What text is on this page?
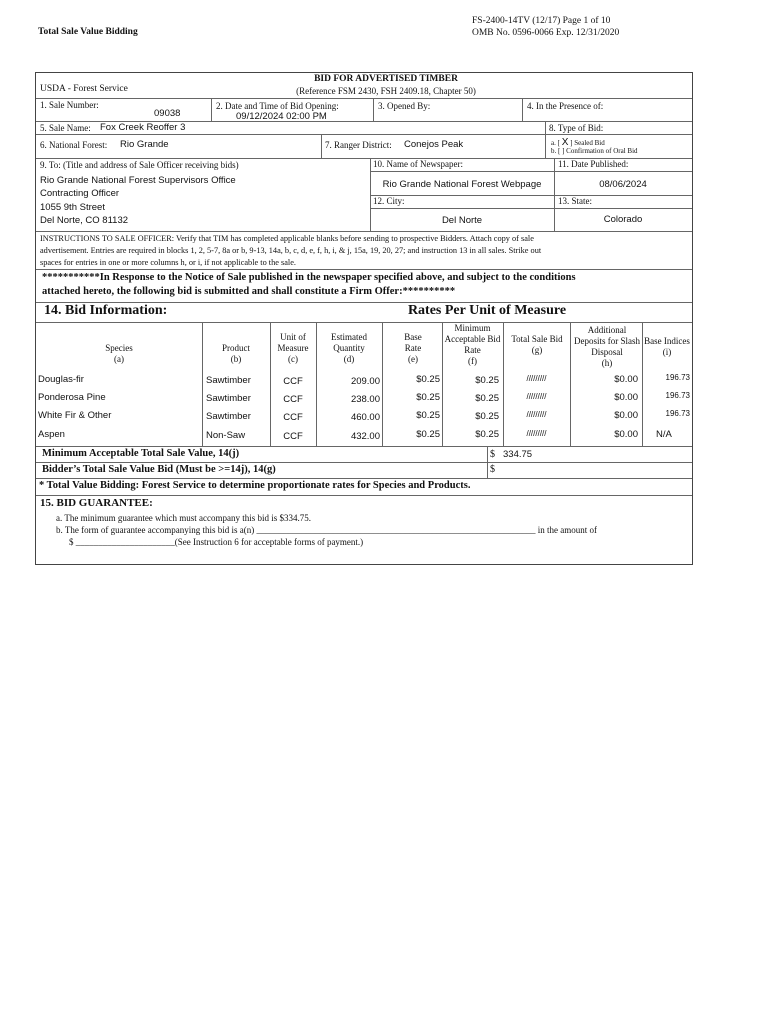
Total Sale Value Bidding
FS-2400-14TV (12/17) Page 1 of 10
OMB No. 0596-0066 Exp. 12/31/2020
USDA - Forest Service
BID FOR ADVERTISED TIMBER
(Reference FSM 2430, FSH 2409.18, Chapter 50)
1. Sale Number:
09038
2. Date and Time of Bid Opening:
09/12/2024 02:00 PM
3. Opened By:	4. In the Presence of:
5. Sale Name: Fox Creek Reoffer 3	8. Type of Bid:
6. National Forest: Rio Grande	7. Ranger District: Conejos Peak	a. [ X ] Sealed Bid
b. [ ] Confirmation of Oral Bid
9. To: (Title and address of Sale Officer receiving bids)
Rio Grande National Forest Supervisors Office
Contracting Officer
1055 9th Street
Del Norte, CO 81132
10. Name of Newspaper:
Rio Grande National Forest Webpage
11. Date Published:
08/06/2024
12. City:
Del Norte
13. State:
Colorado
INSTRUCTIONS TO SALE OFFICER: Verify that TIM has completed applicable blanks before sending to prospective Bidders. Attach copy of sale
advertisement. Entries are required in blocks 1, 2, 5-7, 8a or b, 9-13, 14a, b, c, d, e, f, h, i, & j, 15a, 19, 20, 27; and instruction 13 in all sales. Strike out
spaces for entries in one or more columns h, or i, if not applicable to the sale.
***********In Response to the Notice of Sale published in the newspaper specified above, and subject to the conditions
attached hereto, the following bid is submitted and shall constitute a Firm Offer:**********
14. Bid Information:	Rates Per Unit of Measure
Species
(a)
Product
(b)
Unit of Measure
(c)
Estimated Quantity
(d)
Base Rate
(e)
Minimum Acceptable Bid Rate
(f)
Total Sale Bid
(g)
Additional Deposits for Slash Disposal
(h)
Base Indices
(i)
Douglas-fir	Sawtimber	CCF	209.00	$0.25	$0.25	/////////	$0.00	196.73
Ponderosa Pine	Sawtimber	CCF	238.00	$0.25	$0.25	/////////	$0.00	196.73
White Fir & Other	Sawtimber	CCF	460.00	$0.25	$0.25	/////////	$0.00	196.73
Aspen	Non-Saw	CCF	432.00	$0.25	$0.25	/////////	$0.00 N/A
Minimum Acceptable Total Sale Value, 14(j)	$ 334.75
Bidder’s Total Sale Value Bid (Must be >=14j), 14(g)	$
* Total Value Bidding: Forest Service to determine proportionate rates for Species and Products.
15. BID GUARANTEE:
a. The minimum guarantee which must accompany this bid is $334.75.
b. The form of guarantee accompanying this bid is a(n) ______________________________________________________________ in the amount of
$ ______________________(See Instruction 6 for acceptable forms of payment.)
